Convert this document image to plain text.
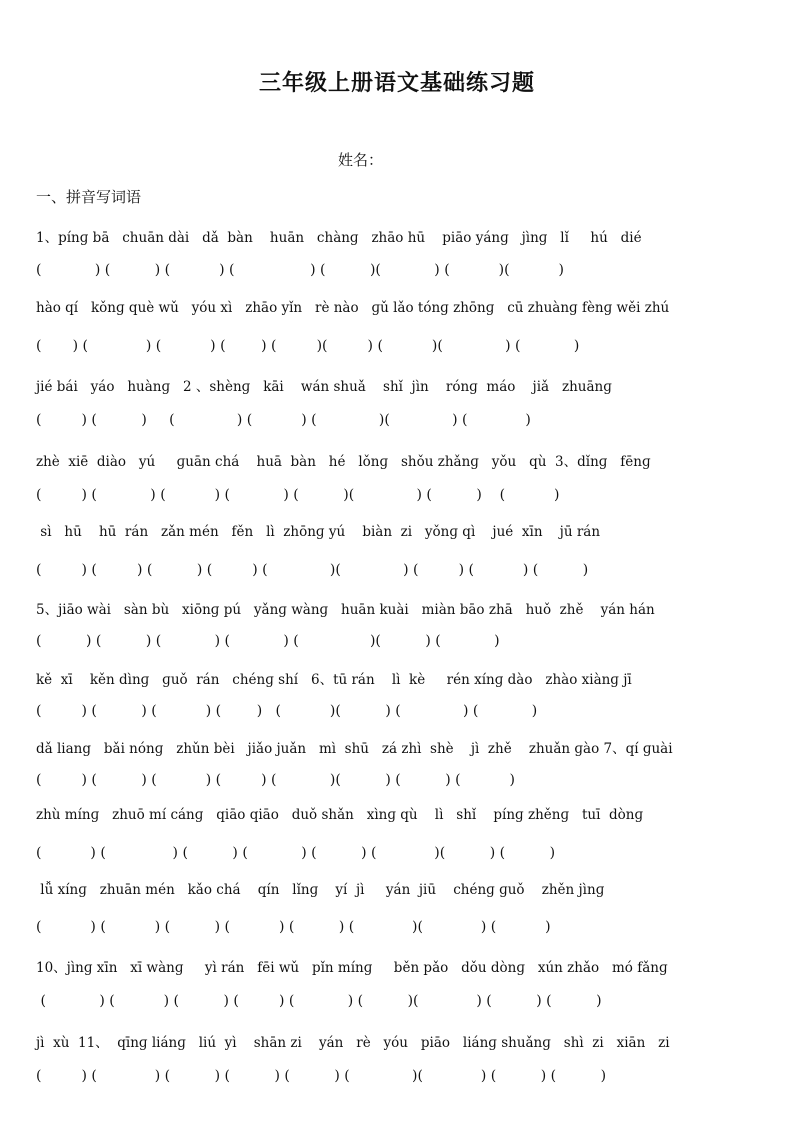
三年级上册语文基础练习题
姓名：
一、拼音写词语
1、pínɡ bā   chuān dài   dǎ  bàn    huān   chànɡ   zhāo hū    piāo yánɡ   jìnɡ   lǐ     hú   dié
(            ) (          ) (           ) (                 ) (          )(            ) (           )(           )
hào qí   kǒnɡ què wǔ   yóu xì   zhāo yǐn   rè nào   ɡǔ lǎo tónɡ zhōnɡ   cū zhuànɡ fènɡ wěi zhú
(       ) (             ) (           ) (        ) (         )(         ) (           )(              ) (            )
jié bái   yáo   huànɡ   2 、shènɡ   kāi    wán shuǎ    shǐ  jìn    rónɡ  máo    jiǎ   zhuānɡ
(         ) (          )     (              ) (           ) (              )(              ) (             )
zhè  xiē  diào   yú     ɡuān chá    huā  bàn   hé   lǒnɡ   shǒu zhǎnɡ   yǒu   qù  3、dǐnɡ   fēnɡ
(         ) (            ) (           ) (            ) (          )(              ) (          )    (           )
sì   hū    hū  rán   zǎn mén   fěn   lì  zhōnɡ yú    biàn  zi   yǒnɡ qì    jué  xīn    jū rán
(         ) (         ) (          ) (         ) (              )(              ) (         ) (           ) (          )
5、jiāo wài   sàn bù   xiōnɡ pú   yǎnɡ wànɡ   huān kuài   miàn bāo zhā   huǒ  zhě    yán hán
(          ) (          ) (            ) (            ) (                )(          ) (            )
kě  xī    kěn dìnɡ   ɡuǒ  rán   chénɡ shí   6、tū rán    lì  kè     rén xínɡ dào   zhào xiànɡ jī
(         ) (          ) (           ) (        )   (           )(          ) (              ) (            )
dǎ liang   bǎi nónɡ   zhǔn bèi   jiǎo juǎn   mì  shū   zá zhì  shè    jì  zhě    zhuǎn ɡào 7、qí ɡuài
(         ) (          ) (           ) (         ) (            )(          ) (          ) (           )
zhù mínɡ   zhuō mí cánɡ   qiāo qiāo   duǒ shǎn   xìnɡ qù    lì   shǐ    pínɡ zhěnɡ   tuī  dònɡ
(           ) (               ) (          ) (            ) (          ) (             )(          ) (          )
lǚ xínɡ   zhuān mén   kǎo chá    qín   lǐnɡ    yí  jì     yán  jiū    chénɡ ɡuǒ    zhěn jìnɡ
(           ) (           ) (          ) (           ) (          ) (             )(             ) (           )
10、jìnɡ xīn   xī wànɡ     yì rán   fēi wǔ   pǐn mínɡ     běn pǎo   dǒu dònɡ   xún zhǎo   mó fǎnɡ
(            ) (           ) (          ) (         ) (            ) (          )(             ) (          ) (          )
jì  xù  11、  qīnɡ liánɡ   liú  yì    shān zi    yán   rè   yóu   piāo   liánɡ shuǎnɡ   shì  zi   xiān   zi
(         ) (             ) (          ) (          ) (          ) (              )(             ) (          ) (          )
